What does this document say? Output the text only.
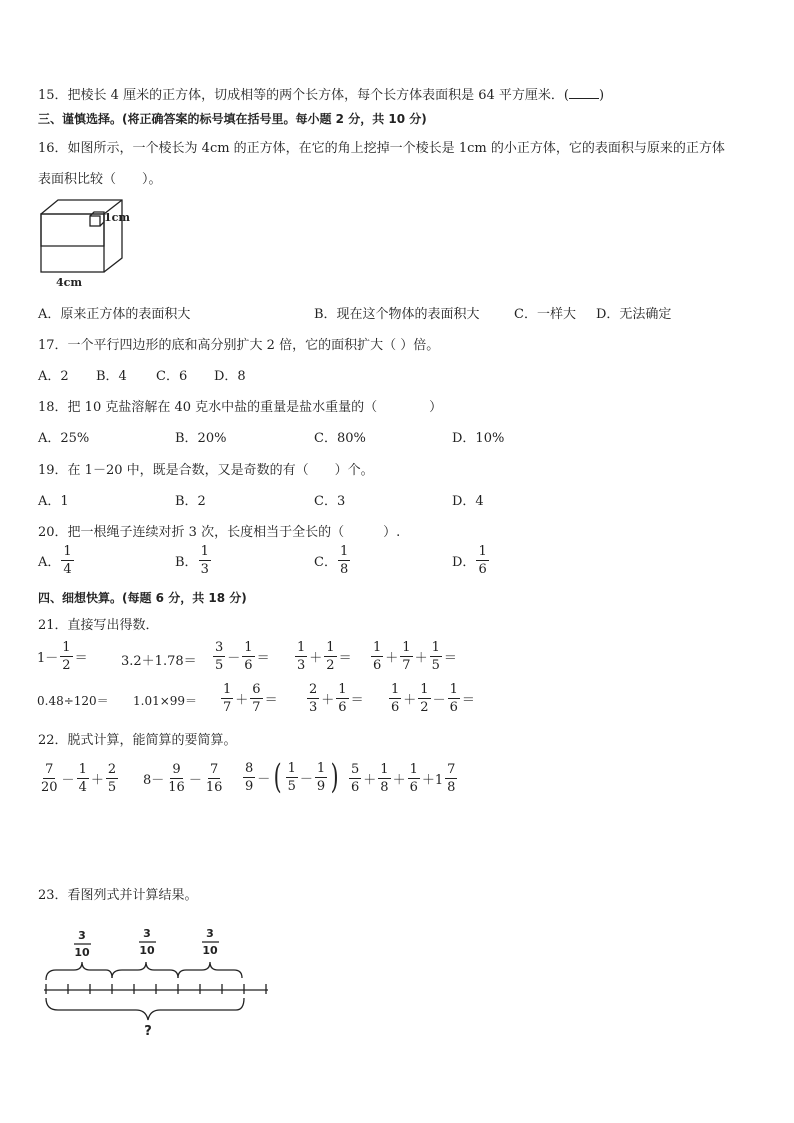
15．把棱长 4 厘米的正方体，切成相等的两个长方体，每个长方体表面积是 64 平方厘米．( )
三、谨慎选择。(将正确答案的标号填在括号里。每小题 2 分，共 10 分)
16．如图所示，一个棱长为 4cm 的正方体，在它的角上挖掉一个棱长是 1cm 的小正方体，它的表面积与原来的正方体
表面积比较（　　）。
1cm
4cm
A．原来正方体的表面积大	B．现在这个物体的表面积大	C．一样大 D．无法确定
17．一个平行四边形的底和高分别扩大 2 倍，它的面积扩大（ ）倍。
A．2 B．4 C．6 D．8
18．把 10 克盐溶解在 40 克水中盐的重量是盐水重量的（　　　　）
A．25%	B．20%	C．80%	D．10%
19．在 1－20 中，既是合数，又是奇数的有（　　）个。
A．1	B．2	C．3	D．4
20．把一根绳子连续对折 3 次，长度相当于全长的（　　　）.
A．
1
4	B．
1
3	C．
1
8	D．
1
6
四、细想快算。(每题 6 分，共 18 分)
21．直接写出得数．
1－
1
2 ＝	3.2＋1.78＝
3
5 －
1
6 ＝
1
3 ＋
1
2 ＝
1
6 ＋
1
7 ＋
1
5 ＝
0.48÷120＝ 1.01×99＝
1
7 ＋
6
7 ＝
2
3 ＋
1
6 ＝
1
6 ＋
1
2 －
1
6 ＝
22．脱式计算，能简算的要简算。
7
20 －
1
4 ＋
2
5 8－
9
16 －
7
16
8
9 － ( 1
5 －
1
9 ) 5
6 ＋
1
8 ＋
1
6 ＋1
7
8
23．看图列式并计算结果。
3
10
3
10
3
10
?
